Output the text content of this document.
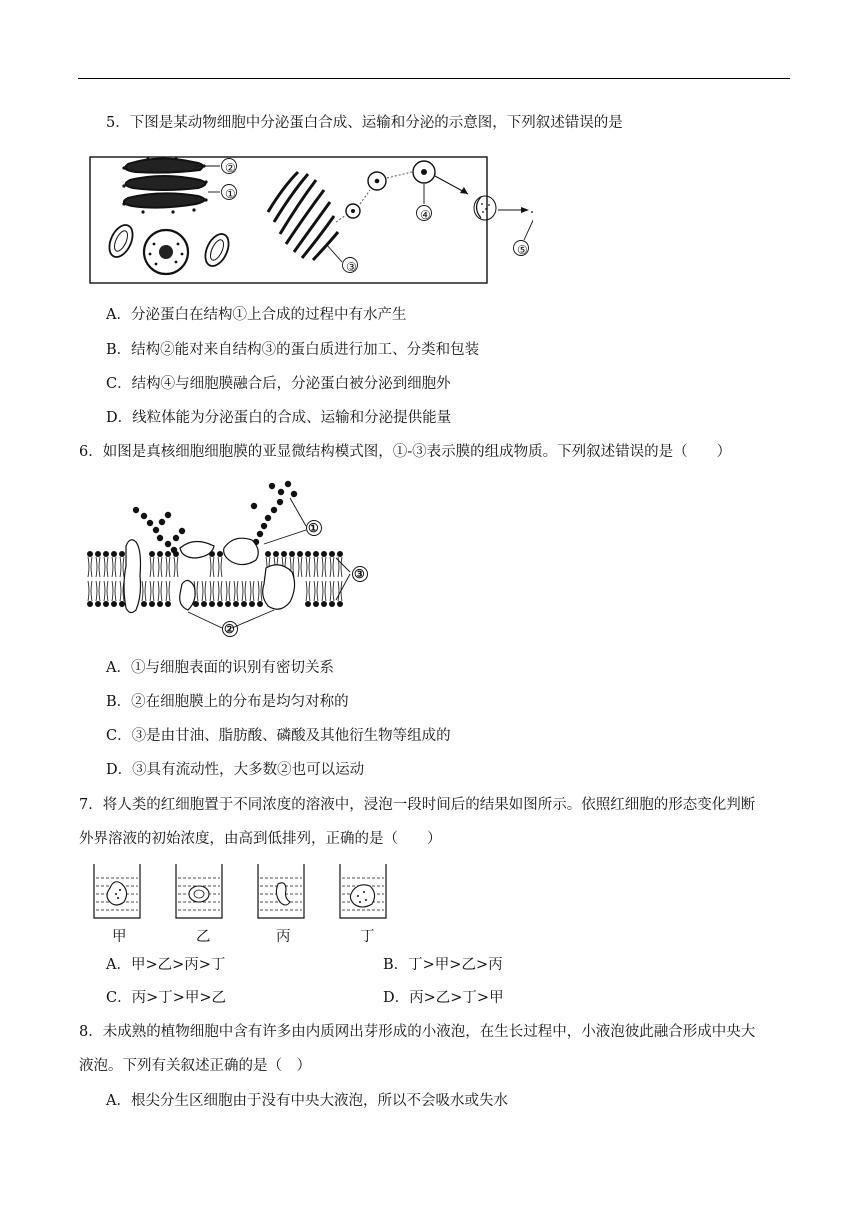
5．下图是某动物细胞中分泌蛋白合成、运输和分泌的示意图，下列叙述错误的是
②
①
③
④
⑤
A．分泌蛋白在结构①上合成的过程中有水产生
B．结构②能对来自结构③的蛋白质进行加工、分类和包装
C．结构④与细胞膜融合后，分泌蛋白被分泌到细胞外
D．线粒体能为分泌蛋白的合成、运输和分泌提供能量
6．如图是真核细胞细胞膜的亚显微结构模式图，①-③表示膜的组成物质。下列叙述错误的是（　　）
①
③
②
A．①与细胞表面的识别有密切关系
B．②在细胞膜上的分布是均匀对称的
C．③是由甘油、脂肪酸、磷酸及其他衍生物等组成的
D．③具有流动性，大多数②也可以运动
7．将人类的红细胞置于不同浓度的溶液中，浸泡一段时间后的结果如图所示。依照红细胞的形态变化判断
外界溶液的初始浓度，由高到低排列，正确的是（　　）
甲	乙	丙	丁
A．甲>乙>丙>丁	B．丁>甲>乙>丙
C．丙>丁>甲>乙	D．丙>乙>丁>甲
8．未成熟的植物细胞中含有许多由内质网出芽形成的小液泡，在生长过程中，小液泡彼此融合形成中央大
液泡。下列有关叙述正确的是（　）
A．根尖分生区细胞由于没有中央大液泡，所以不会吸水或失水
